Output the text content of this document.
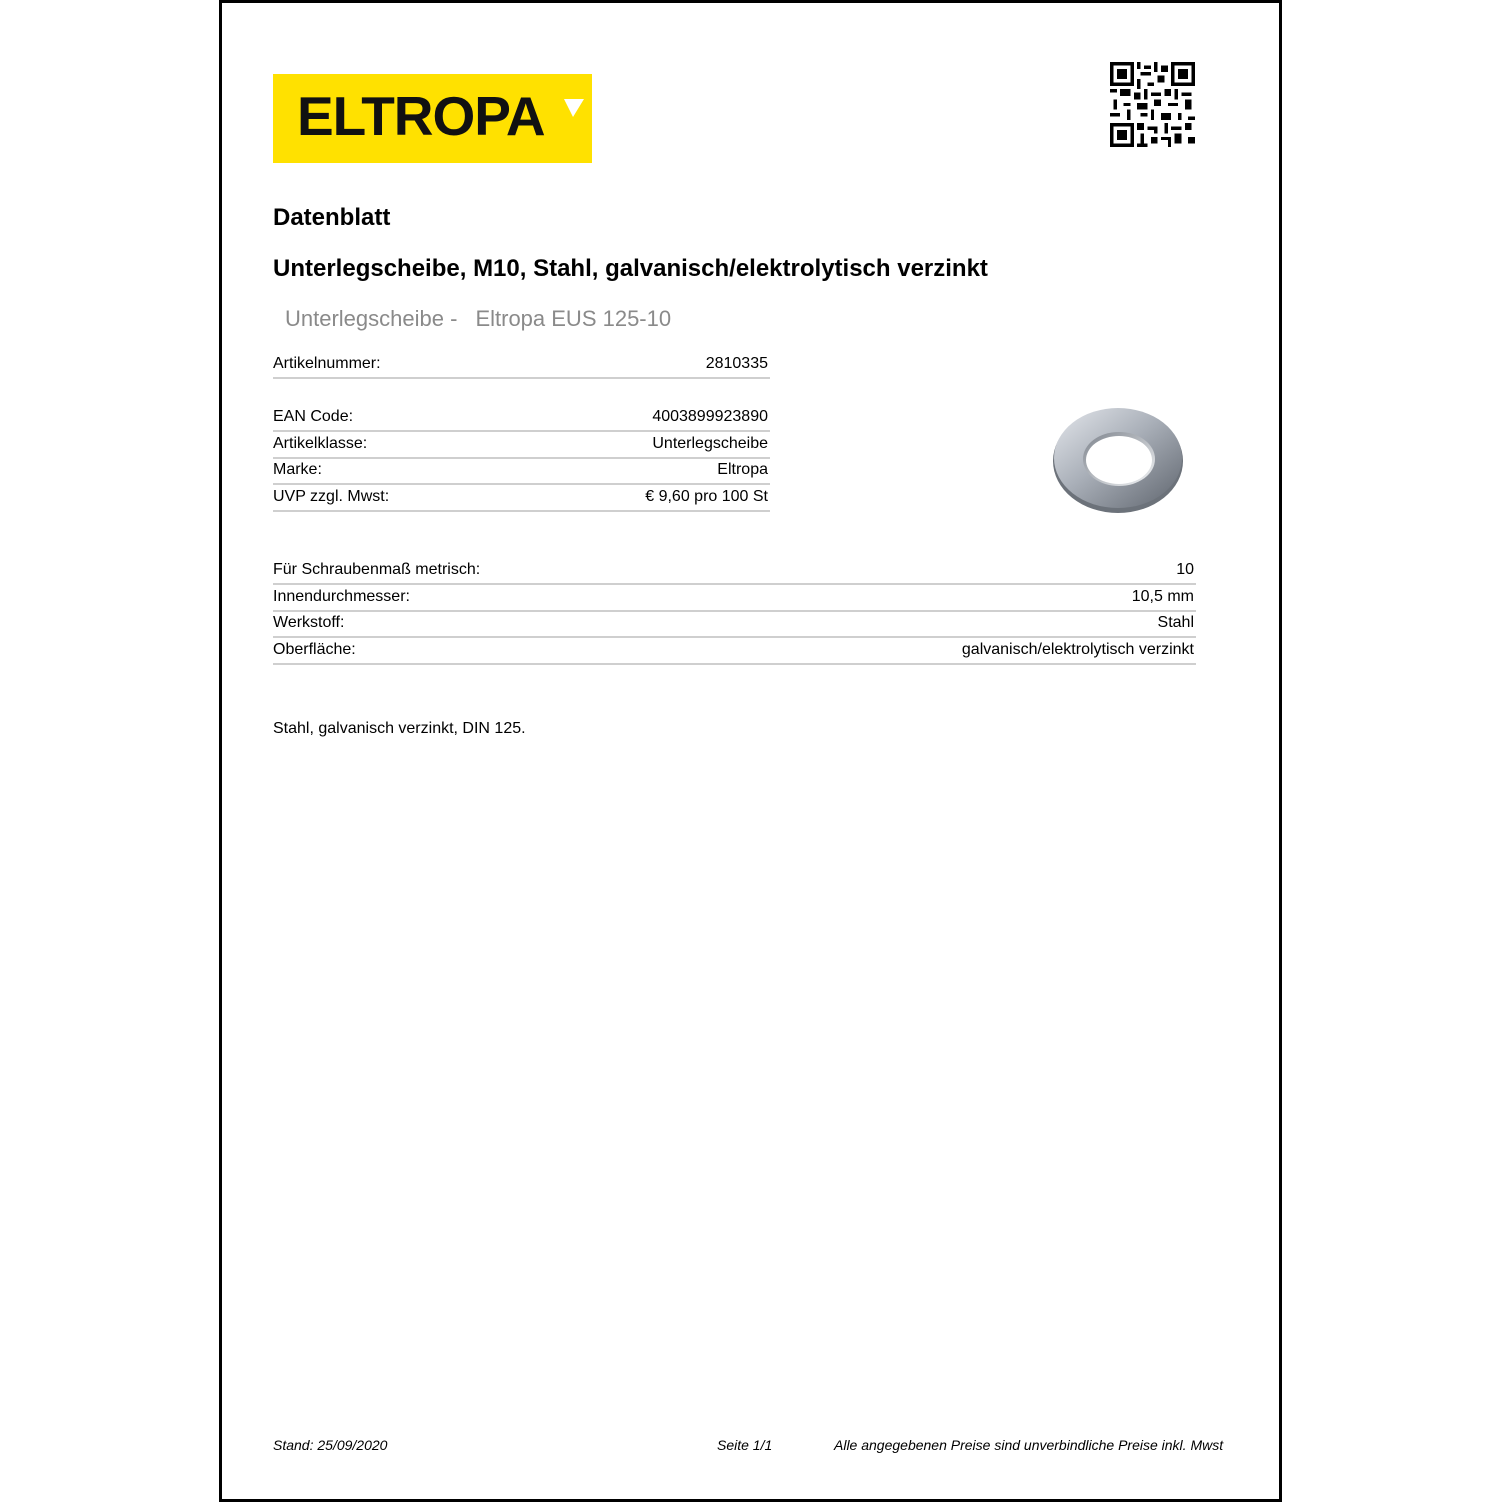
ELTROPA
Datenblatt
Unterlegscheibe, M10, Stahl, galvanisch/elektrolytisch verzinkt
Unterlegscheibe - Eltropa EUS 125-10
Artikelnummer:	2810335
EAN Code:	4003899923890
Artikelklasse:	Unterlegscheibe
Marke:	Eltropa
UVP zzgl. Mwst:	€ 9,60 pro 100 St
Für Schraubenmaß metrisch:	10
Innendurchmesser:	10,5 mm
Werkstoff:	Stahl
Oberfläche:	galvanisch/elektrolytisch verzinkt
Stahl, galvanisch verzinkt, DIN 125.
Stand: 25/09/2020	Seite 1/1	Alle angegebenen Preise sind unverbindliche Preise inkl. Mwst
